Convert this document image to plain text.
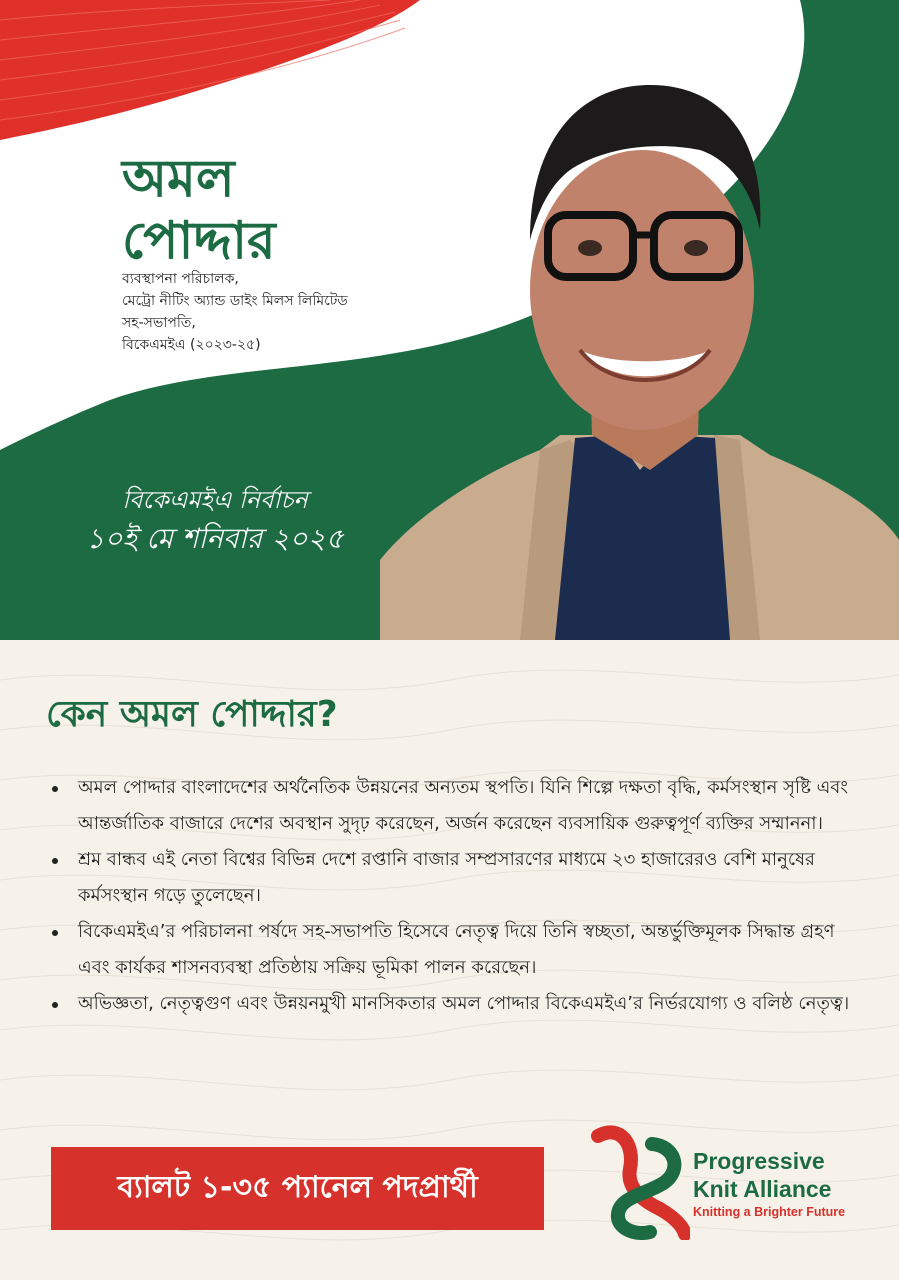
অমল
পোদ্দার
ব্যবস্থাপনা পরিচালক,
মেট্রো নীটিং অ্যান্ড ডাইং মিলস লিমিটেড
সহ-সভাপতি,
বিকেএমইএ (২০২৩-২৫)
বিকেএমইএ নির্বাচন
১০ই মে শনিবার ২০২৫
কেন অমল পোদ্দার?
অমল পোদ্দার বাংলাদেশের অর্থনৈতিক উন্নয়নের অন্যতম স্থপতি। যিনি শিল্পে দক্ষতা বৃদ্ধি, কর্মসংস্থান সৃষ্টি এবং আন্তর্জাতিক বাজারে দেশের অবস্থান সুদৃঢ় করেছেন, অর্জন করেছেন ব্যবসায়িক গুরুত্বপূর্ণ ব্যক্তির সম্মাননা।
শ্রম বান্ধব এই নেতা বিশ্বের বিভিন্ন দেশে রপ্তানি বাজার সম্প্রসারণের মাধ্যমে ২৩ হাজারেরও বেশি মানুষের কর্মসংস্থান গড়ে তুলেছেন।
বিকেএমইএ’র পরিচালনা পর্ষদে সহ-সভাপতি হিসেবে নেতৃত্ব দিয়ে তিনি স্বচ্ছতা, অন্তর্ভুক্তিমূলক সিদ্ধান্ত গ্রহণ এবং কার্যকর শাসনব্যবস্থা প্রতিষ্ঠায় সক্রিয় ভূমিকা পালন করেছেন।
অভিজ্ঞতা, নেতৃত্বগুণ এবং উন্নয়নমুখী মানসিকতার অমল পোদ্দার বিকেএমইএ’র নির্ভরযোগ্য ও বলিষ্ঠ নেতৃত্ব।
ব্যালট ১-৩৫ প্যানেল পদপ্রার্থী
Progressive
Knit Alliance
Knitting a Brighter Future
